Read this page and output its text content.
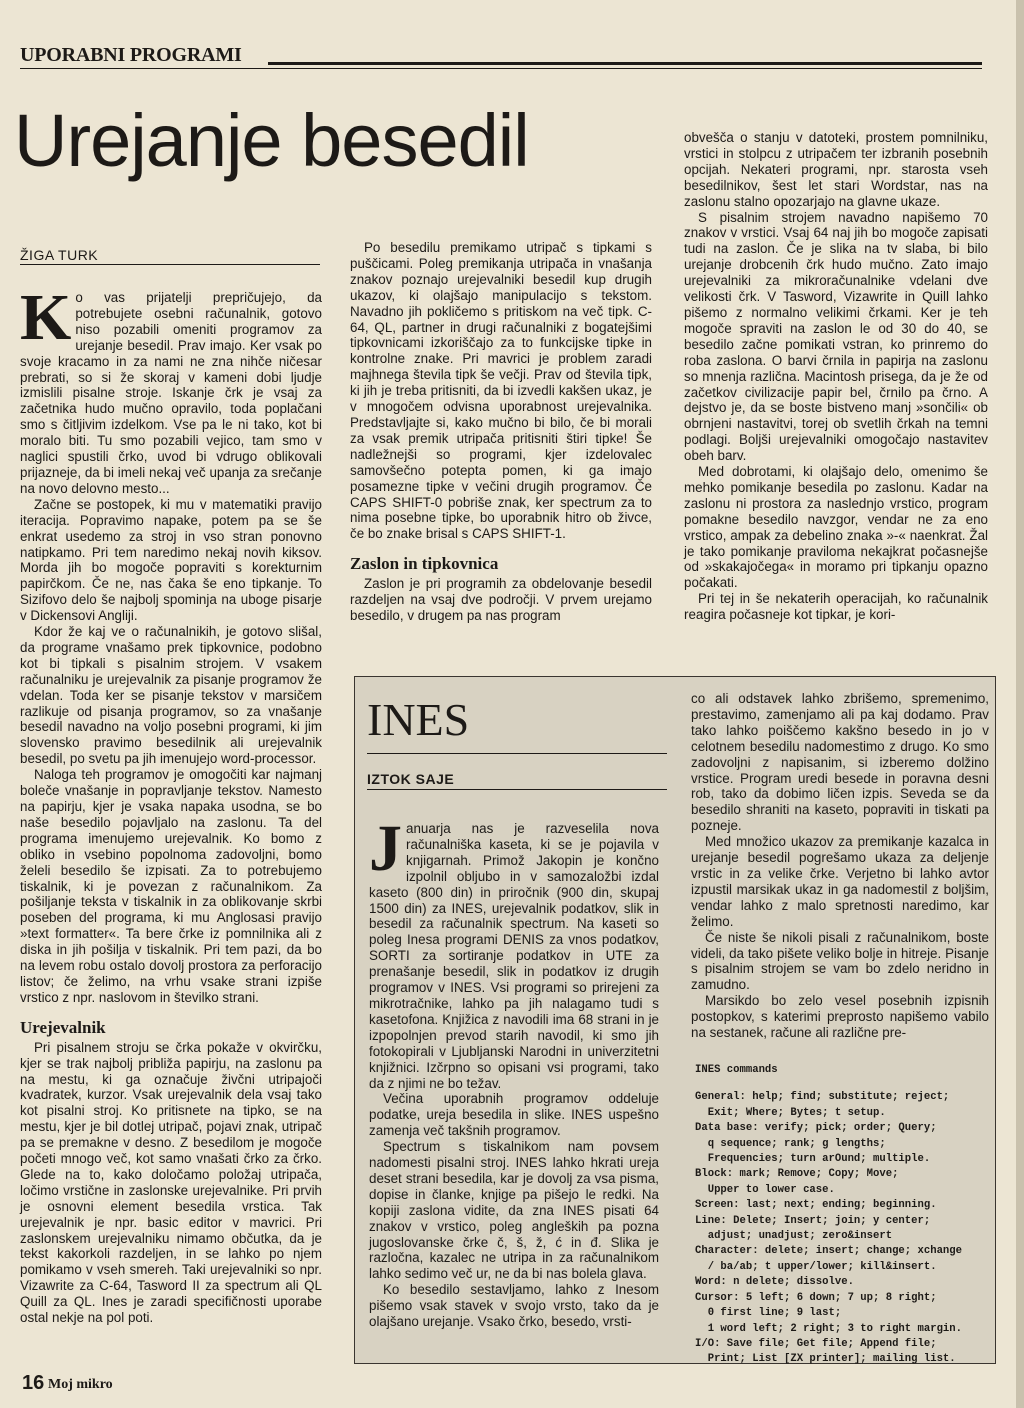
UPORABNI PROGRAMI
Urejanje besedil
ŽIGA TURK
K o vas prijatelji prepričujejo, da potrebujete osebni računalnik, gotovo niso pozabili omeniti programov za urejanje besedil. Prav imajo. Ker vsak po svoje kracamo in za nami ne zna nihče ničesar prebrati, so si že skoraj v kameni dobi ljudje izmislili pisalne stroje. Iskanje črk je vsaj za začetnika hudo mučno opravilo, toda poplačani smo s čitljivim izdelkom. Vse pa le ni tako, kot bi moralo biti. Tu smo pozabili vejico, tam smo v naglici spustili črko, uvod bi vdrugo oblikovali prijazneje, da bi imeli nekaj več upanja za srečanje na novo delovno mesto...

Začne se postopek, ki mu v matematiki pravijo iteracija. Popravimo napake, potem pa se še enkrat usedemo za stroj in vso stran ponovno natipkamo. Pri tem naredimo nekaj novih kiksov. Morda jih bo mogoče popraviti s korekturnim papirčkom. Če ne, nas čaka še eno tipkanje. To Sizifovo delo še najbolj spominja na uboge pisarje v Dickensovi Angliji.

Kdor že kaj ve o računalnikih, je gotovo slišal, da programe vnašamo prek tipkovnice, podobno kot bi tipkali s pisalnim strojem. V vsakem računalniku je urejevalnik za pisanje programov že vdelan. Toda ker se pisanje tekstov v marsičem razlikuje od pisanja programov, so za vnašanje besedil navadno na voljo posebni programi, ki jim slovensko pravimo besedilnik ali urejevalnik besedil, po svetu pa jih imenujejo word-processor.

Naloga teh programov je omogočiti kar najmanj boleče vnašanje in popravljanje tekstov. Namesto na papirju, kjer je vsaka napaka usodna, se bo naše besedilo pojavljalo na zaslonu. Ta del programa imenujemo urejevalnik. Ko bomo z obliko in vsebino popolnoma zadovoljni, bomo želeli besedilo še izpisati. Za to potrebujemo tiskalnik, ki je povezan z računalnikom. Za pošiljanje teksta v tiskalnik in za oblikovanje skrbi poseben del programa, ki mu Anglosasi pravijo »text formatter«. Ta bere črke iz pomnilnika ali z diska in jih pošilja v tiskalnik. Pri tem pazi, da bo na levem robu ostalo dovolj prostora za perforacijo listov; če želimo, na vrhu vsake strani izpiše vrstico z npr. naslovom in številko strani.

Urejevalnik

Pri pisalnem stroju se črka pokaže v okvirčku, kjer se trak najbolj približa papirju, na zaslonu pa na mestu, ki ga označuje živčni utripajoči kvadratek, kurzor. Vsak urejevalnik dela vsaj tako kot pisalni stroj. Ko pritisnete na tipko, se na mestu, kjer je bil dotlej utripač, pojavi znak, utripač pa se premakne v desno. Z besedilom je mogoče početi mnogo več, kot samo vnašati črko za črko. Glede na to, kako določamo položaj utripača, ločimo vrstične in zaslonske urejevalnike. Pri prvih je osnovni element besedila vrstica. Tak urejevalnik je npr. basic editor v mavrici. Pri zaslonskem urejevalniku nimamo občutka, da je tekst kakorkoli razdeljen, in se lahko po njem pomikamo v vseh smereh. Taki urejevalniki so npr. Vizawrite za C-64, Tasword II za spectrum ali QL Quill za QL. Ines je zaradi specifičnosti uporabe ostal nekje na pol poti.

Po besedilu premikamo utripač s tipkami s puščicami. Poleg premikanja utripača in vnašanja znakov poznajo urejevalniki besedil kup drugih ukazov, ki olajšajo manipulacijo s tekstom. Navadno jih pokličemo s pritiskom na več tipk. C-64, QL, partner in drugi računalniki z bogatejšimi tipkovnicami izkoriščajo za to funkcijske tipke in kontrolne znake. Pri mavrici je problem zaradi majhnega števila tipk še večji. Prav od števila tipk, ki jih je treba pritisniti, da bi izvedli kakšen ukaz, je v mnogočem odvisna uporabnost urejevalnika. Predstavljajte si, kako mučno bi bilo, če bi morali za vsak premik utripača pritisniti štiri tipke! Še nadležnejši so programi, kjer izdelovalec samovšečno potepta pomen, ki ga imajo posamezne tipke v večini drugih programov. Če CAPS SHIFT-0 pobriše znak, ker spectrum za to nima posebne tipke, bo uporabnik hitro ob živce, če bo znake brisal s CAPS SHIFT-1.

Zaslon in tipkovnica

Zaslon je pri programih za obdelovanje besedil razdeljen na vsaj dve področji. V prvem urejamo besedilo, v drugem pa nas program

obvešča o stanju v datoteki, prostem pomnilniku, vrstici in stolpcu z utripačem ter izbranih posebnih opcijah. Nekateri programi, npr. starosta vseh besedilnikov, šest let stari Wordstar, nas na zaslonu stalno opozarjajo na glavne ukaze.

S pisalnim strojem navadno napišemo 70 znakov v vrstici. Vsaj 64 naj jih bo mogoče zapisati tudi na zaslon. Če je slika na tv slaba, bi bilo urejanje drobcenih črk hudo mučno. Zato imajo urejevalniki za mikroračunalnike vdelani dve velikosti črk. V Tasword, Vizawrite in Quill lahko pišemo z normalno velikimi črkami. Ker je teh mogoče spraviti na zaslon le od 30 do 40, se besedilo začne pomikati vstran, ko prinremo do roba zaslona. O barvi črnila in papirja na zaslonu so mnenja različna. Macintosh prisega, da je že od začetkov civilizacije papir bel, črnilo pa črno. A dejstvo je, da se boste bistveno manj »sončili« ob obrnjeni nastavitvi, torej ob svetlih črkah na temni podlagi. Boljši urejevalniki omogočajo nastavitev obeh barv.

Med dobrotami, ki olajšajo delo, omenimo še mehko pomikanje besedila po zaslonu. Kadar na zaslonu ni prostora za naslednjo vrstico, program pomakne besedilo navzgor, vendar ne za eno vrstico, ampak za debelino znaka »-« naenkrat. Žal je tako pomikanje praviloma nekajkrat počasnejše od »skakajočega« in moramo pri tipkanju opazno počakati.

Pri tej in še nekaterih operacijah, ko računalnik reagira počasneje kot tipkar, je kori-

INES
IZTOK SAJE
J anuarja nas je razveselila nova računalniška kaseta, ki se je pojavila v knjigarnah. Primož Jakopin je končno izpolnil obljubo in v samozaložbi izdal kaseto (800 din) in priročnik (900 din, skupaj 1500 din) za INES, urejevalnik podatkov, slik in besedil za računalnik spectrum. Na kaseti so poleg Inesa programi DENIS za vnos podatkov, SORTI za sortiranje podatkov in UTE za prenašanje besedil, slik in podatkov iz drugih programov v INES. Vsi programi so prirejeni za mikrotračnike, lahko pa jih nalagamo tudi s kasetofona. Knjižica z navodili ima 68 strani in je izpopolnjen prevod starih navodil, ki smo jih fotokopirali v Ljubljanski Narodni in univerzitetni knjižnici. Izčrpno so opisani vsi programi, tako da z njimi ne bo težav.

Večina uporabnih programov oddeluje podatke, ureja besedila in slike. INES uspešno zamenja več takšnih programov.

Spectrum s tiskalnikom nam povsem nadomesti pisalni stroj. INES lahko hkrati ureja deset strani besedila, kar je dovolj za vsa pisma, dopise in članke, knjige pa pišejo le redki. Na kopiji zaslona vidite, da zna INES pisati 64 znakov v vrstico, poleg angleških pa pozna jugoslovanske črke č, š, ž, ć in đ. Slika je razločna, kazalec ne utripa in za računalnikom lahko sedimo več ur, ne da bi nas bolela glava.

Ko besedilo sestavljamo, lahko z Inesom pišemo vsak stavek v svojo vrsto, tako da je olajšano urejanje. Vsako črko, besedo, vrsti-

co ali odstavek lahko zbrišemo, spremenimo, prestavimo, zamenjamo ali pa kaj dodamo. Prav tako lahko poiščemo kakšno besedo in jo v celotnem besedilu nadomestimo z drugo. Ko smo zadovoljni z napisanim, si izberemo dolžino vrstice. Program uredi besede in poravna desni rob, tako da dobimo ličen izpis. Seveda se da besedilo shraniti na kaseto, popraviti in tiskati pa pozneje.

Med množico ukazov za premikanje kazalca in urejanje besedil pogrešamo ukaza za deljenje vrstic in za velike črke. Verjetno bi lahko avtor izpustil marsikak ukaz in ga nadomestil z boljšim, vendar lahko z malo spretnosti naredimo, kar želimo.

Če niste še nikoli pisali z računalnikom, boste videli, da tako pišete veliko bolje in hitreje. Pisanje s pisalnim strojem se vam bo zdelo neridno in zamudno.

Marsikdo bo zelo vesel posebnih izpisnih postopkov, s katerimi preprosto napišemo vabilo na sestanek, račune ali različne pre-

INES commands
General: help; find; substitute; reject;
Exit; Where; Bytes; t setup.
Data base: verify; pick; order; Query;
q sequence; rank; g lengths;
Frequencies; turn arOund; multiple.
Block: mark; Remove; Copy; Move;
Upper to lower case.
Screen: last; next; ending; beginning.
Line: Delete; Insert; join; y center;
adjust; unadjust; zero&insert
Character: delete; insert; change; xchange
/ ba/ab; t upper/lower; kill&insert.
Word: n delete; dissolve.
Cursor: 5 left; 6 down; 7 up; 8 right;
0 first line; 9 last;
1 word left; 2 right; 3 to right margin.
I/O: Save file; Get file; Append file;
Print; List [ZX printer]; mailing list.
16 Moj mikro
